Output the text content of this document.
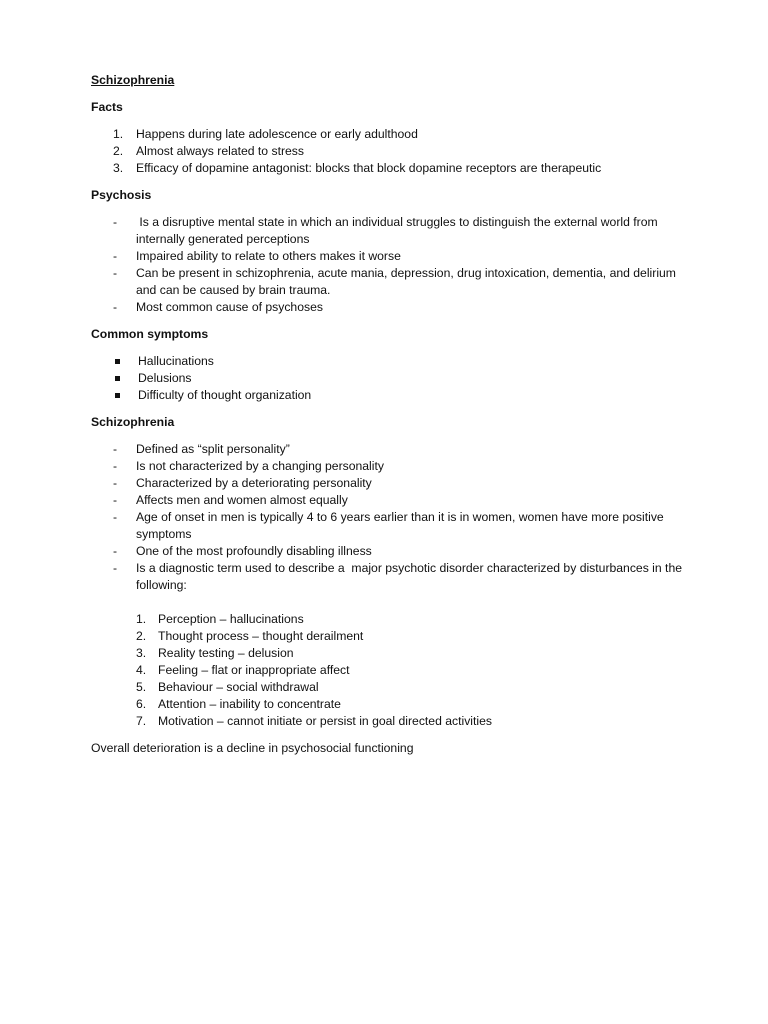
Schizophrenia
Facts
1.	Happens during late adolescence or early adulthood
2.	Almost always related to stress
3.	Efficacy of dopamine antagonist: blocks that block dopamine receptors are therapeutic
Psychosis
-	Is a disruptive mental state in which an individual struggles to distinguish the external world from internally generated perceptions
-	Impaired ability to relate to others makes it worse
-	Can be present in schizophrenia, acute mania, depression, drug intoxication, dementia, and delirium and can be caused by brain trauma.
-	Most common cause of psychoses
Common symptoms
Hallucinations
Delusions
Difficulty of thought organization
Schizophrenia
-	Defined as “split personality”
-	Is not characterized by a changing personality
-	Characterized by a deteriorating personality
-	Affects men and women almost equally
-	Age of onset in men is typically 4 to 6 years earlier than it is in women, women have more positive symptoms
-	One of the most profoundly disabling illness
-	Is a diagnostic term used to describe a  major psychotic disorder characterized by disturbances in the following:
1. Perception – hallucinations
2. Thought process – thought derailment
3. Reality testing – delusion
4. Feeling – flat or inappropriate affect
5. Behaviour – social withdrawal
6. Attention – inability to concentrate
7. Motivation – cannot initiate or persist in goal directed activities
Overall deterioration is a decline in psychosocial functioning
